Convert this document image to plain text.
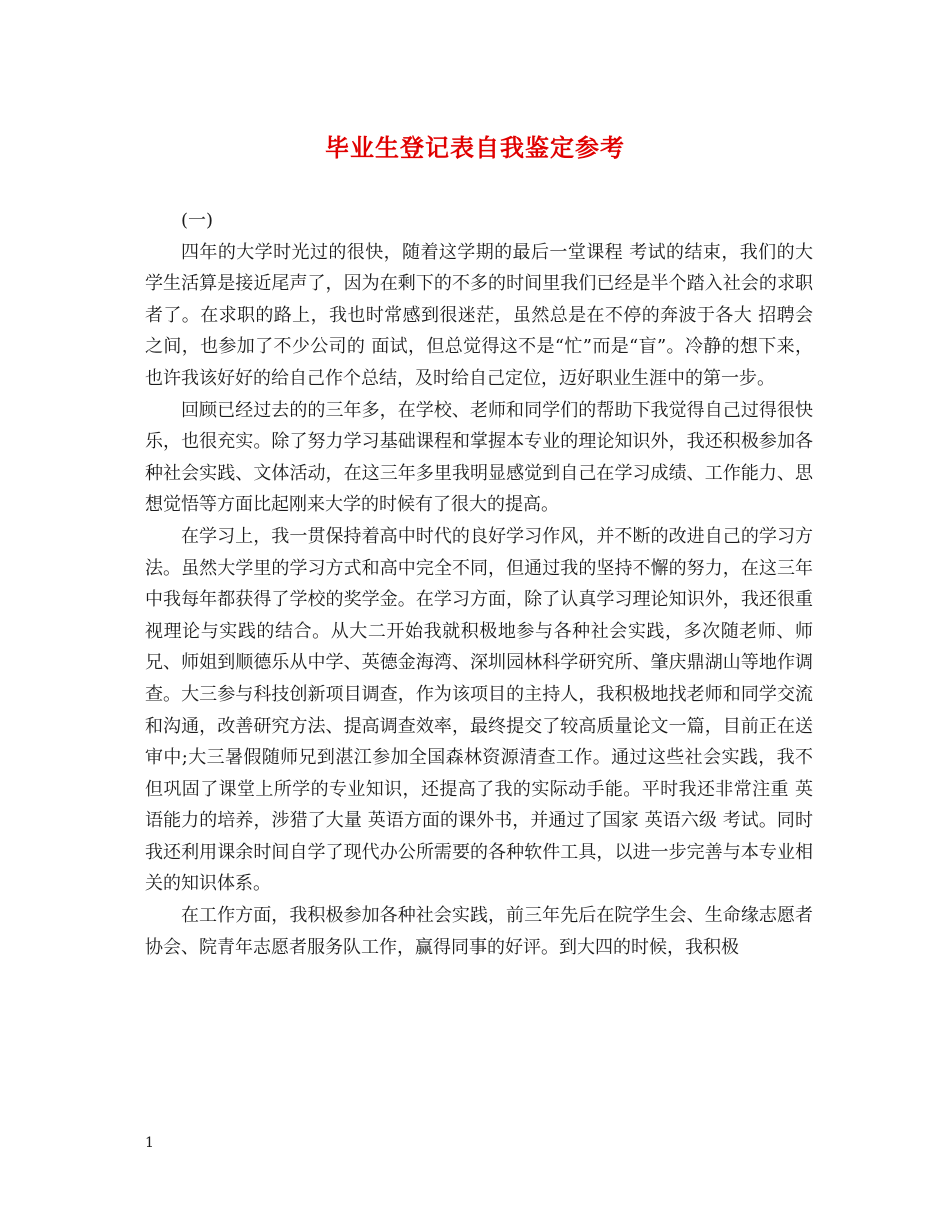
毕业生登记表自我鉴定参考

(一)

四年的大学时光过的很快，随着这学期的最后一堂课程 考试的结束，我们的大学生活算是接近尾声了，因为在剩下的不多的时间里我们已经是半个踏入社会的求职者了。在求职的路上，我也时常感到很迷茫，虽然总是在不停的奔波于各大 招聘会之间，也参加了不少公司的 面试，但总觉得这不是“忙”而是“盲”。冷静的想下来，也许我该好好的给自己作个总结，及时给自己定位，迈好职业生涯中的第一步。

回顾已经过去的的三年多，在学校、老师和同学们的帮助下我觉得自己过得很快乐，也很充实。除了努力学习基础课程和掌握本专业的理论知识外，我还积极参加各种社会实践、文体活动，在这三年多里我明显感觉到自己在学习成绩、工作能力、思想觉悟等方面比起刚来大学的时候有了很大的提高。

在学习上，我一贯保持着高中时代的良好学习作风，并不断的改进自己的学习方法。虽然大学里的学习方式和高中完全不同，但通过我的坚持不懈的努力，在这三年中我每年都获得了学校的奖学金。在学习方面，除了认真学习理论知识外，我还很重视理论与实践的结合。从大二开始我就积极地参与各种社会实践，多次随老师、师兄、师姐到顺德乐从中学、英德金海湾、深圳园林科学研究所、肇庆鼎湖山等地作调查。大三参与科技创新项目调查，作为该项目的主持人，我积极地找老师和同学交流和沟通，改善研究方法、提高调查效率，最终提交了较高质量论文一篇，目前正在送审中;大三暑假随师兄到湛江参加全国森林资源清查工作。通过这些社会实践，我不但巩固了课堂上所学的专业知识，还提高了我的实际动手能。平时我还非常注重 英语能力的培养，涉猎了大量 英语方面的课外书，并通过了国家 英语六级 考试。同时我还利用课余时间自学了现代办公所需要的各种软件工具，以进一步完善与本专业相关的知识体系。

在工作方面，我积极参加各种社会实践，前三年先后在院学生会、生命缘志愿者协会、院青年志愿者服务队工作，赢得同事的好评。到大四的时候，我积极

1
